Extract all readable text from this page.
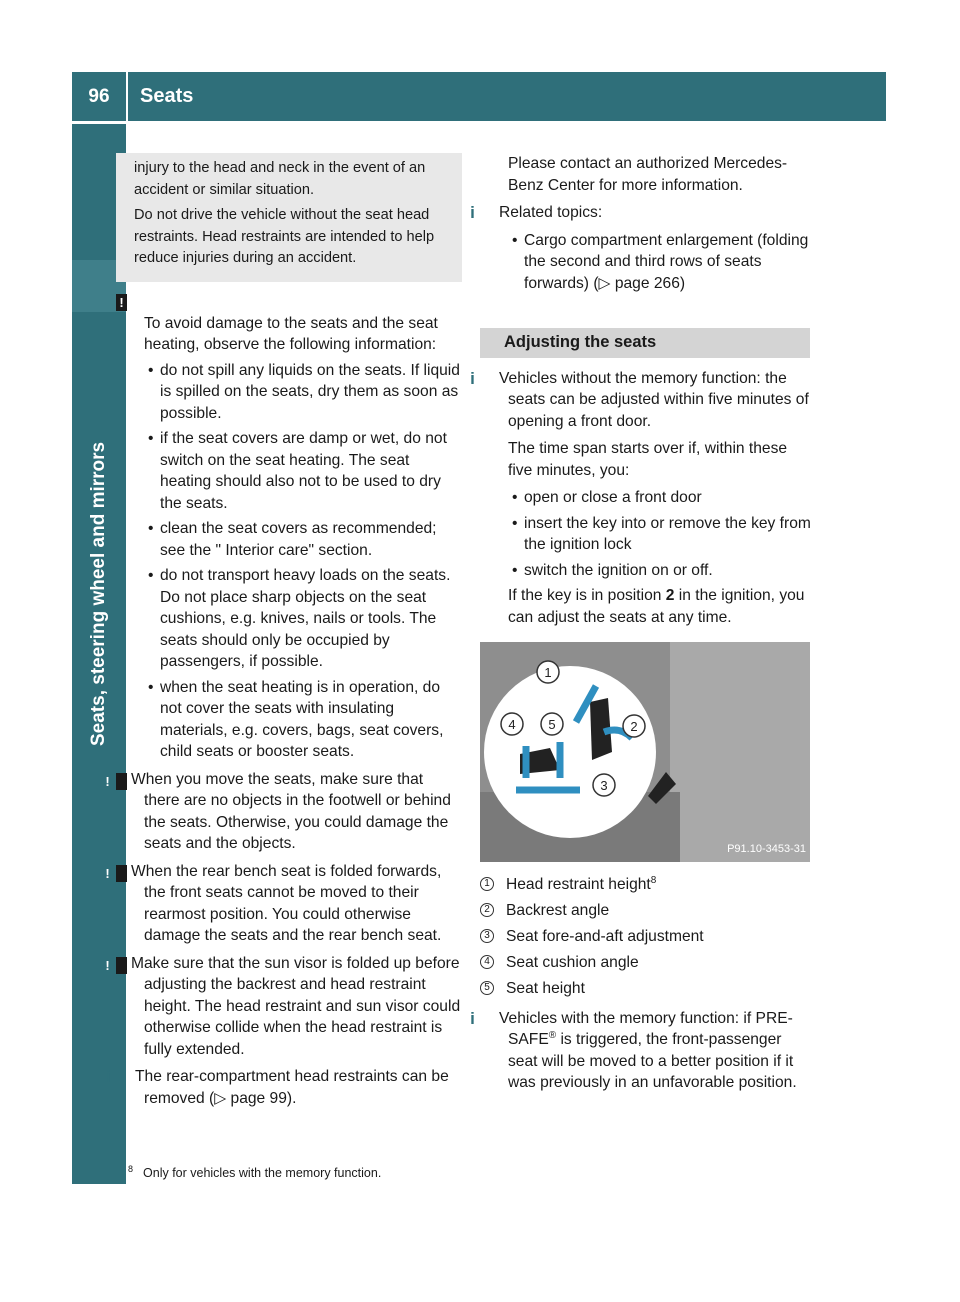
96	Seats
Seats, steering wheel and mirrors

injury to the head and neck in the event of an accident or similar situation.

Do not drive the vehicle without the seat head restraints. Head restraints are intended to help reduce injuries during an accident.

!
To avoid damage to the seats and the seat heating, observe the following information:
• do not spill any liquids on the seats. If liquid is spilled on the seats, dry them as soon as possible.
• if the seat covers are damp or wet, do not switch on the seat heating. The seat heating should also not to be used to dry the seats.
• clean the seat covers as recommended; see the " Interior care" section.
• do not transport heavy loads on the seats. Do not place sharp objects on the seat cushions, e.g. knives, nails or tools. The seats should only be occupied by passengers, if possible.
• when the seat heating is in operation, do not cover the seats with insulating materials, e.g. covers, bags, seat covers, child seats or booster seats.
! When you move the seats, make sure that there are no objects in the footwell or behind the seats. Otherwise, you could damage the seats and the objects.
! When the rear bench seat is folded forwards, the front seats cannot be moved to their rearmost position. You could otherwise damage the seats and the rear bench seat.
! Make sure that the sun visor is folded up before adjusting the backrest and head restraint height. The head restraint and sun visor could otherwise collide when the head restraint is fully extended.
i The rear-compartment head restraints can be removed (▷ page 99).
Please contact an authorized Mercedes-Benz Center for more information.
i Related topics:
• Cargo compartment enlargement (folding the second and third rows of seats forwards) (▷ page 266)
Adjusting the seats
i Vehicles without the memory function: the seats can be adjusted within five minutes of opening a front door.
The time span starts over if, within these five minutes, you:
• open or close a front door
• insert the key into or remove the key from the ignition lock
• switch the ignition on or off.
If the key is in position 2 in the ignition, you can adjust the seats at any time.
1
2
3
4	5
P91.10-3453-31
1 Head restraint height$^8$
2 Backrest angle
3 Seat fore-and-aft adjustment
4 Seat cushion angle
5 Seat height
i Vehicles with the memory function: if PRE-SAFE® is triggered, the front-passenger seat will be moved to a better position if it was previously in an unfavorable position.
$^8$ Only for vehicles with the memory function.
